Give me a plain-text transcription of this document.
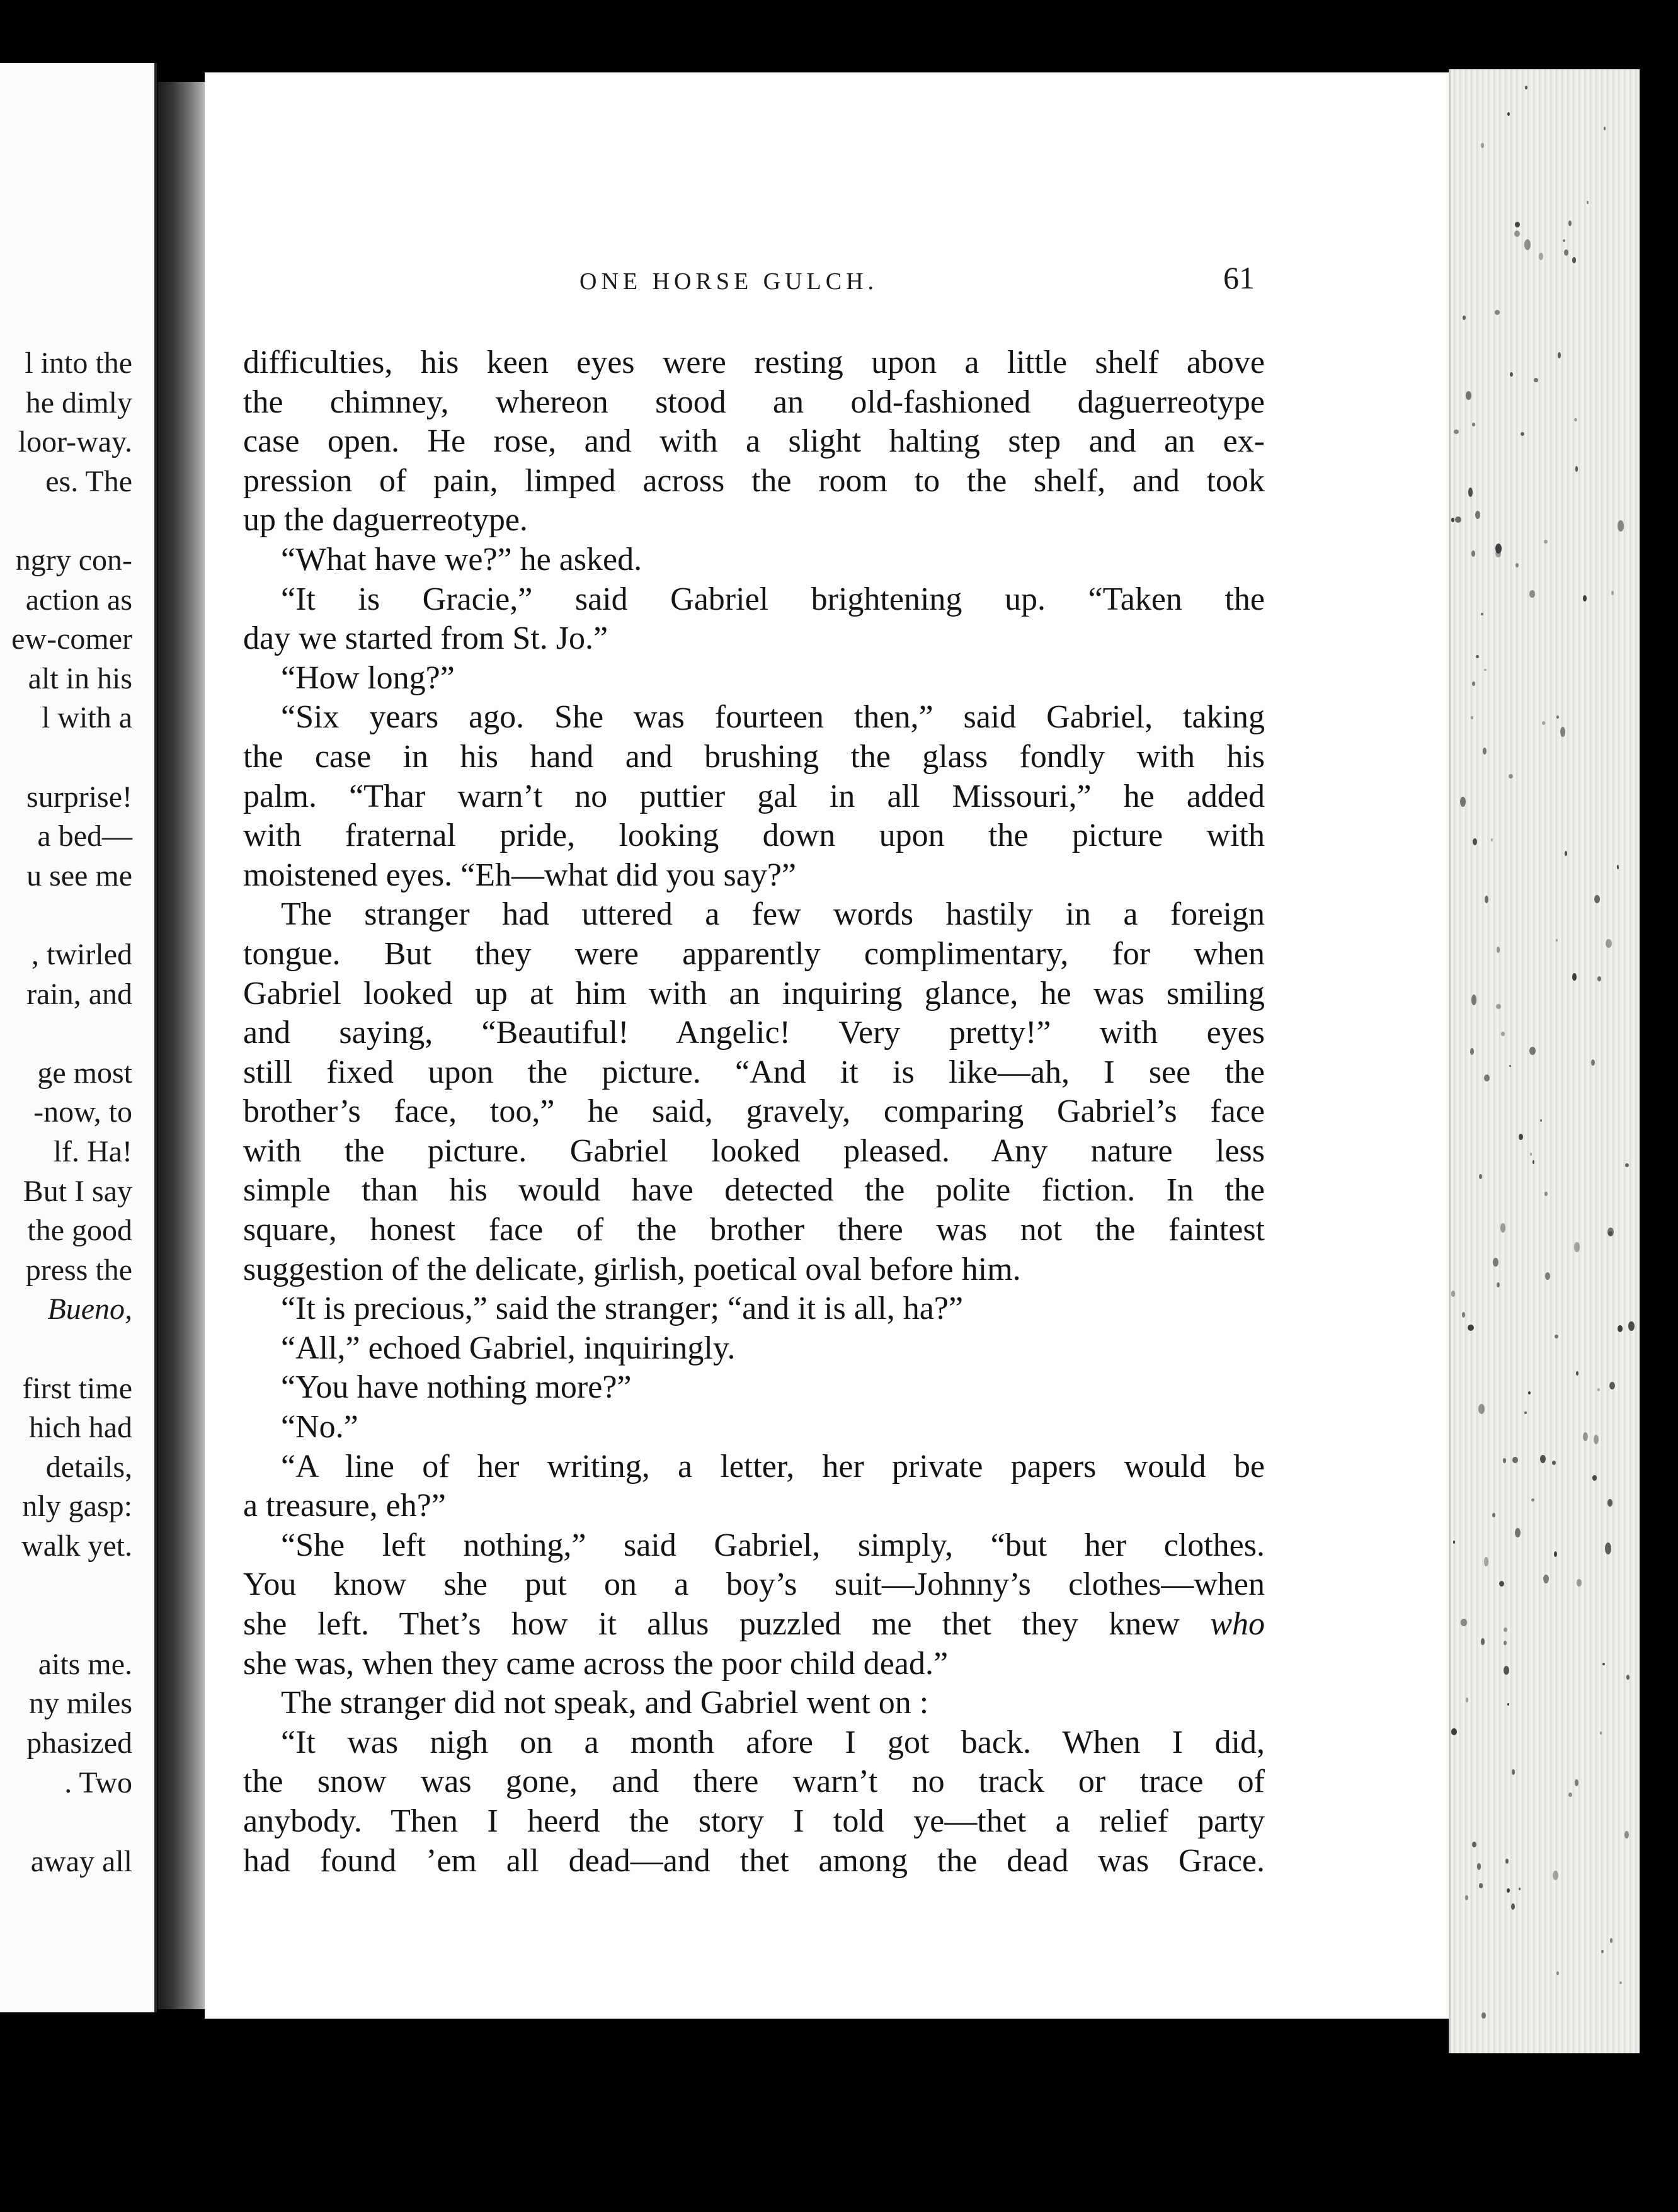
l into the
he dimly
loor-way.
es. The
ngry con-
action as
ew-comer
alt in his
l with a
surprise!
a bed—
u see me
, twirled
rain, and
ge most
-now, to
lf. Ha!
But I say
the good
press the
Bueno,
first time
hich had
details,
nly gasp:
walk yet.
aits me.
ny miles
phasized
. Two
away all
ONE HORSE GULCH.	61
difficulties, his keen eyes were resting upon a little shelf above
the chimney, whereon stood an old-fashioned daguerreotype
case open. He rose, and with a slight halting step and an ex-
pression of pain, limped across the room to the shelf, and took
up the daguerreotype.
“What have we?” he asked.
“It is Gracie,” said Gabriel brightening up. “Taken the
day we started from St. Jo.”
“How long?”
“Six years ago. She was fourteen then,” said Gabriel, taking
the case in his hand and brushing the glass fondly with his
palm. “Thar warn’t no puttier gal in all Missouri,” he added
with fraternal pride, looking down upon the picture with
moistened eyes. “Eh—what did you say?”
The stranger had uttered a few words hastily in a foreign
tongue. But they were apparently complimentary, for when
Gabriel looked up at him with an inquiring glance, he was smiling
and saying, “Beautiful! Angelic! Very pretty!” with eyes
still fixed upon the picture. “And it is like—ah, I see the
brother’s face, too,” he said, gravely, comparing Gabriel’s face
with the picture. Gabriel looked pleased. Any nature less
simple than his would have detected the polite fiction. In the
square, honest face of the brother there was not the faintest
suggestion of the delicate, girlish, poetical oval before him.
“It is precious,” said the stranger; “and it is all, ha?”
“All,” echoed Gabriel, inquiringly.
“You have nothing more?”
“No.”
“A line of her writing, a letter, her private papers would be
a treasure, eh?”
“She left nothing,” said Gabriel, simply, “but her clothes.
You know she put on a boy’s suit—Johnny’s clothes—when
she left. Thet’s how it allus puzzled me thet they knew who
she was, when they came across the poor child dead.”
The stranger did not speak, and Gabriel went on :
“It was nigh on a month afore I got back. When I did,
the snow was gone, and there warn’t no track or trace of
anybody. Then I heerd the story I told ye—thet a relief party
had found ’em all dead—and thet among the dead was Grace.
